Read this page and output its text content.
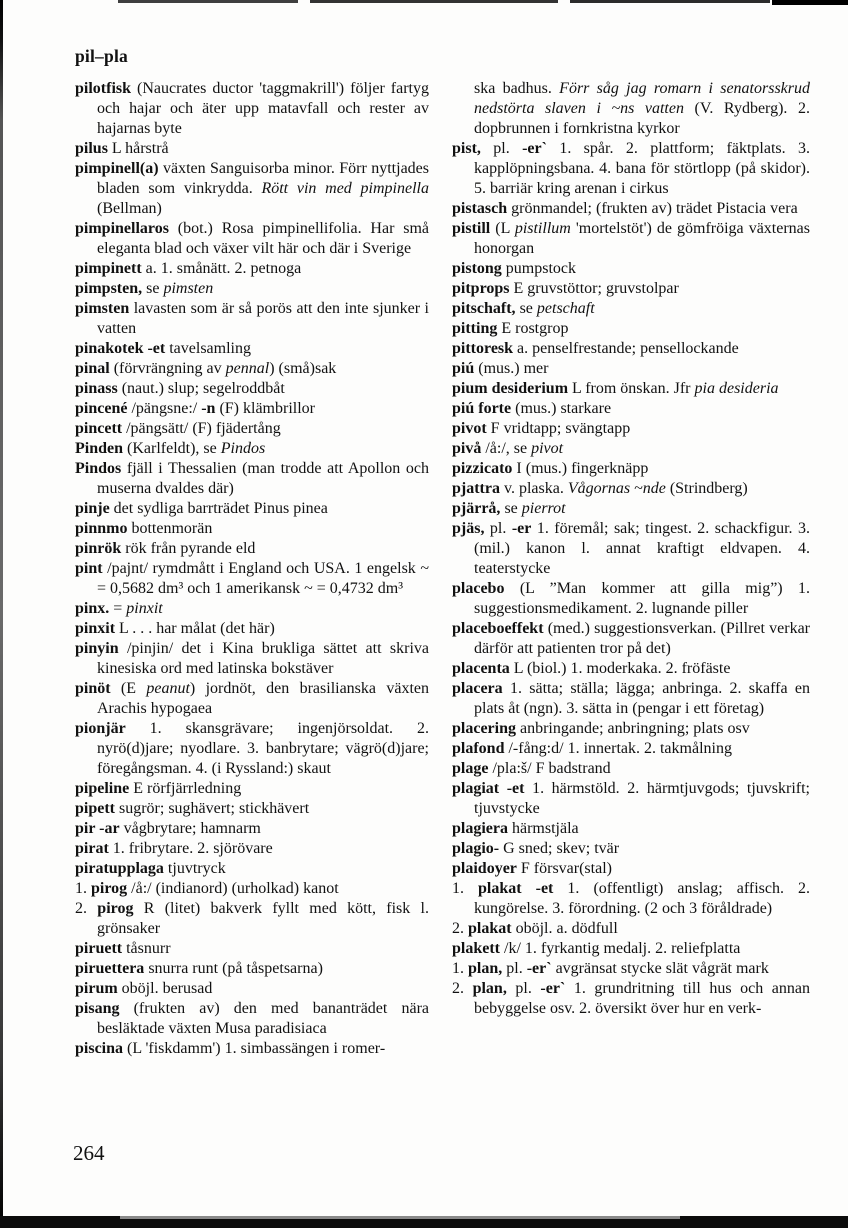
pil–pla

pilotfisk (Naucrates ductor 'taggmakrill') följer fartyg och hajar och äter upp matavfall och rester av hajarnas byte

pilus L hårstrå

pimpinell(a) växten Sanguisorba minor. Förr nyttjades bladen som vinkrydda. Rött vin med pimpinella (Bellman)

pimpinellaros (bot.) Rosa pimpinellifolia. Har små eleganta blad och växer vilt här och där i Sverige

pimpinett a. 1. smånätt. 2. petnoga

pimpsten, se pimsten

pimsten lavasten som är så porös att den inte sjunker i vatten

pinakotek -et tavelsamling

pinal (förvrängning av pennal) (små)sak

pinass (naut.) slup; segelroddbåt

pincené /pängsne:/ -n (F) klämbrillor

pincett /pängsätt/ (F) fjädertång

Pinden (Karlfeldt), se Pindos

Pindos fjäll i Thessalien (man trodde att Apollon och muserna dvaldes där)

pinje det sydliga barrträdet Pinus pinea

pinnmo bottenmorän

pinrök rök från pyrande eld

pint /pajnt/ rymdmått i England och USA. 1 engelsk ~ = 0,5682 dm³ och 1 amerikansk ~ = 0,4732 dm³

pinx. = pinxit

pinxit L . . . har målat (det här)

pinyin /pinjin/ det i Kina brukliga sättet att skriva kinesiska ord med latinska bokstäver

pinöt (E peanut) jordnöt, den brasilianska växten Arachis hypogaea

pionjär 1. skansgrävare; ingenjörsoldat. 2. nyrö(d)jare; nyodlare. 3. banbrytare; vägrö(d)jare; föregångsman. 4. (i Ryssland:) skaut

pipeline E rörfjärrledning

pipett sugrör; sughävert; stickhävert

pir -ar vågbrytare; hamnarm

pirat 1. fribrytare. 2. sjörövare

piratupplaga tjuvtryck

1. pirog /å:/ (indianord) (urholkad) kanot

2. pirog R (litet) bakverk fyllt med kött, fisk l. grönsaker

piruett tåsnurr

piruettera snurra runt (på tåspetsarna)

pirum oböjl. berusad

pisang (frukten av) den med bananträdet nära besläktade växten Musa paradisiaca

piscina (L 'fiskdamm') 1. simbassängen i romer-

ska badhus. Förr såg jag romarn i senatorsskrud nedstörta slaven i ~ns vatten (V. Rydberg). 2. dopbrunnen i fornkristna kyrkor

pist, pl. -er` 1. spår. 2. plattform; fäktplats. 3. kapplöpningsbana. 4. bana för störtlopp (på skidor). 5. barriär kring arenan i cirkus

pistasch grönmandel; (frukten av) trädet Pistacia vera

pistill (L pistillum 'mortelstöt') de gömfröiga växternas honorgan

pistong pumpstock

pitprops E gruvstöttor; gruvstolpar

pitschaft, se petschaft

pitting E rostgrop

pittoresk a. penselfrestande; pensellockande

piú (mus.) mer

pium desiderium L from önskan. Jfr pia desideria

piú forte (mus.) starkare

pivot F vridtapp; svängtapp

pivå /å:/, se pivot

pizzicato I (mus.) fingerknäpp

pjattra v. plaska. Vågornas ~nde (Strindberg)

pjärrå, se pierrot

pjäs, pl. -er 1. föremål; sak; tingest. 2. schackfigur. 3. (mil.) kanon l. annat kraftigt eldvapen. 4. teaterstycke

placebo (L ”Man kommer att gilla mig”) 1. suggestionsmedikament. 2. lugnande piller

placeboeffekt (med.) suggestionsverkan. (Pillret verkar därför att patienten tror på det)

placenta L (biol.) 1. moderkaka. 2. fröfäste

placera 1. sätta; ställa; lägga; anbringa. 2. skaffa en plats åt (ngn). 3. sätta in (pengar i ett företag)

placering anbringande; anbringning; plats osv

plafond /-fång:d/ 1. innertak. 2. takmålning

plage /pla:š/ F badstrand

plagiat -et 1. härmstöld. 2. härmtjuvgods; tjuvskrift; tjuvstycke

plagiera härmstjäla

plagio- G sned; skev; tvär

plaidoyer F försvar(stal)

1. plakat -et 1. (offentligt) anslag; affisch. 2. kungörelse. 3. förordning. (2 och 3 föråldrade)

2. plakat oböjl. a. dödfull

plakett /k/ 1. fyrkantig medalj. 2. reliefplatta

1. plan, pl. -er` avgränsat stycke slät vågrät mark

2. plan, pl. -er` 1. grundritning till hus och annan bebyggelse osv. 2. översikt över hur en verk-

264
